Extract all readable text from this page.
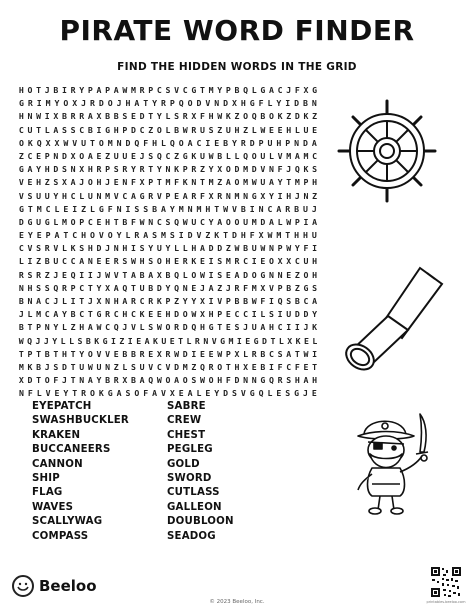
PIRATE WORD FINDER
FIND THE HIDDEN WORDS IN THE GRID
H O T J B I R Y P A P A W M R P C S V C G T M Y P B Q L G A C J F X G
G R I M Y O X J R D O J H A T Y R P Q O D V N D X H G F L Y I D B N
H N W I X B R R A X B B S E D T Y L S R X F H W K Z O Q B O K Z D K Z
C U T L A S S C B I G H P D C Z O L B W R U S Z U H Z L W E E H L U E
O K Q X X W V U T O M N D Q F H L Q O A C I E B Y R D P U H P N D A
Z C E P N D X O A E Z U U E J S Q C Z G K U W B L L Q O U L V M A M C
G A Y H D S N X H R P S R Y R T Y N K P R Z Y X O D M D V N F J Q K S
V E H Z S X A J O H J E N F X P T M F K N T M Z A O M W U A Y T M P H
V S U U Y H C L U N M V C A G R V P E A R F X R N M N G X Y I H J N Z
G T M C L E I Z L G F N I S S B A Y M N M H T W V B I N C A R B U J
D G U G L M O P C E H T B F W N C S Q W U C Y A O O U M D A L W P I A
E Y E P A T C H O V O Y L R A S M S I D V Z K T D H F X W M T H H U
C V S R V L K S H D J N H I S Y U Y L L H A D D Z W B U W N P W Y F I
L I Z B U C C A N E E R S W H S O H E R K E I S M R C I E O X X C U H
R S R Z J E Q I I J W V T A B A X B Q L O W I S E A D O G N N E Z O H
N H S S Q R P C T Y X A Q T U B D Y Q N E J A Z J R F M X V P B Z G S
B N A C J L I T J X N H A R C R K P Z Y Y X I V P B B W F I Q S B C A
J L M C A Y B C T G R C H C K E E H D O W X H P E C C I L S I U D D Y
B T P N Y L Z H A W C Q J V L S W O R D Q H G T E S J U A H C I I J K
W Q J J Y L L S B K G I Z I E A K U E T L R N V G M I E G D T L X K E L
T P T B T H T Y O V V E B B R E X R W D I E E W P X L R B C S A T W I
M K B J S D T U W U N Z L S U V C V D M Z Q R O T H X E B I F C F E T
X D T O F J T N A Y B R X B A Q W O A O S W O H F D N N G Q R S H A H
N F L V E Y T R O K G A S O F A V X E A L E Y D S V G Q L E S G J E
EYEPATCH
SWASHBUCKLER
KRAKEN
BUCCANEERS
CANNON
SHIP
FLAG
WAVES
SCALLYWAG
COMPASS
SABRE
CREW
CHEST
PEGLEG
GOLD
SWORD
CUTLASS
GALLEON
DOUBLOON
SEADOG
Beeloo
© 2023 Beeloo, Inc.	printables.beeloo.com
